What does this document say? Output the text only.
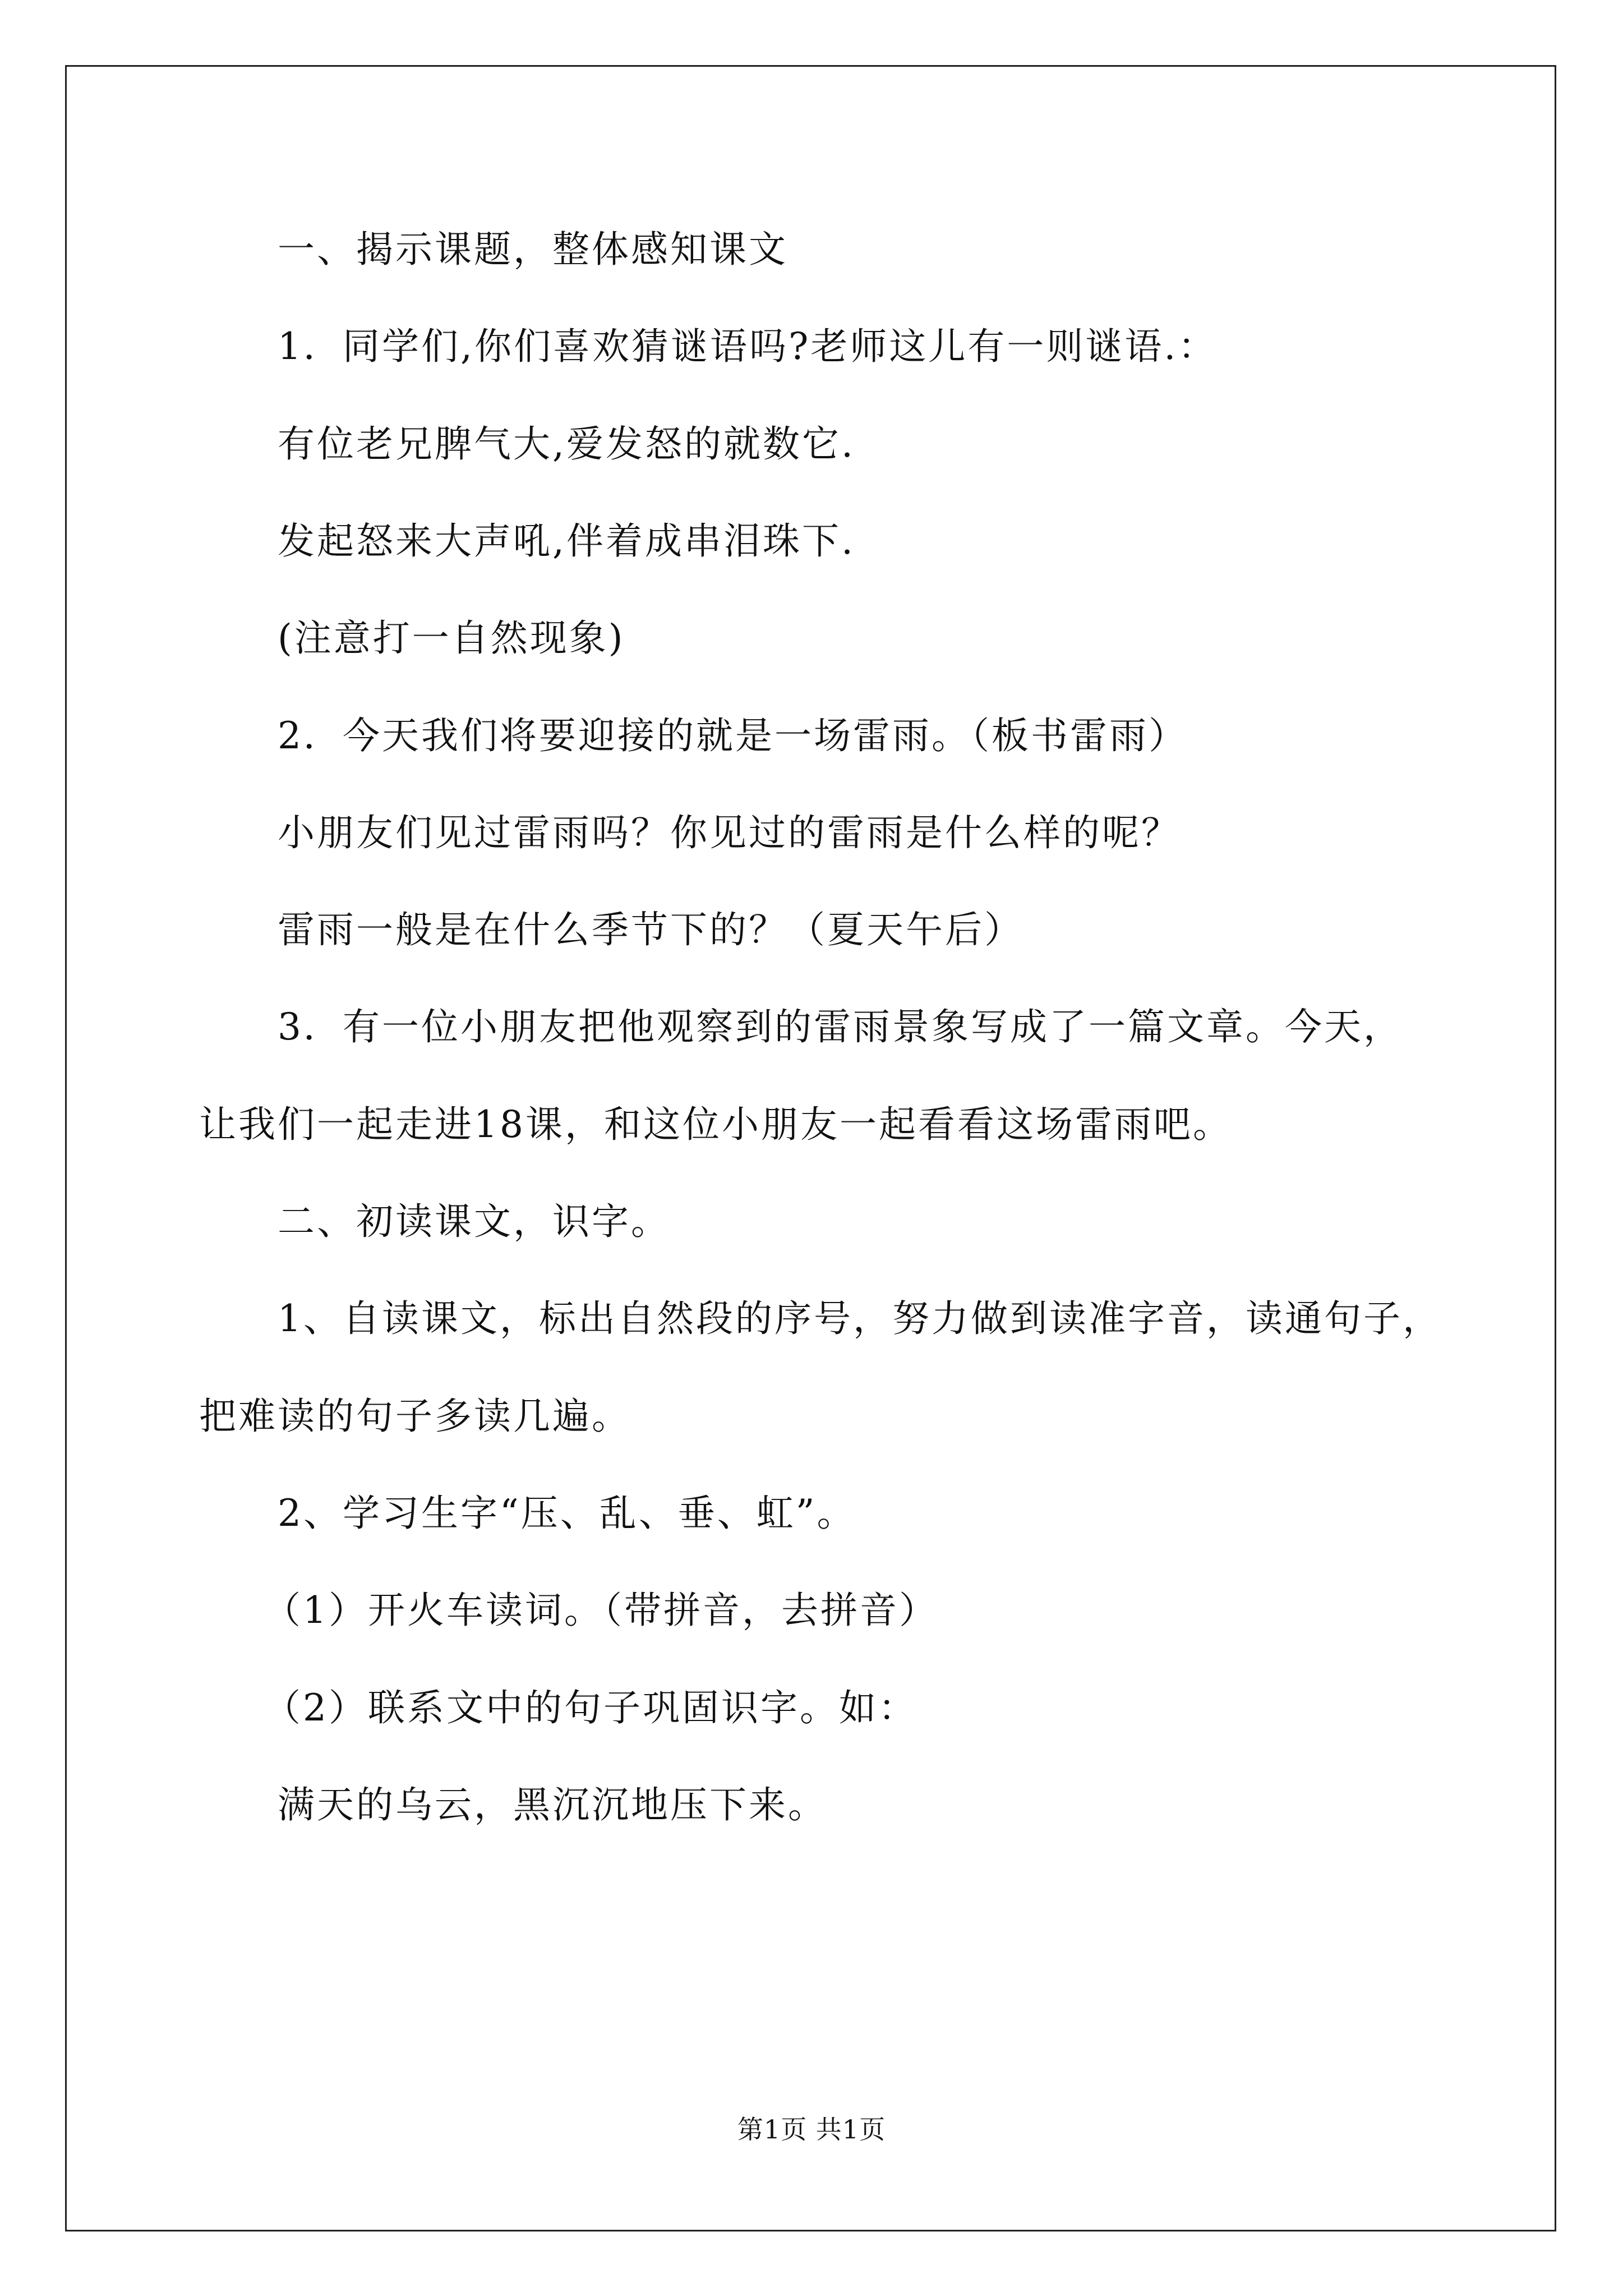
一、揭示课题，整体感知课文
1．同学们,你们喜欢猜谜语吗?老师这儿有一则谜语.：
有位老兄脾气大,爱发怒的就数它.
发起怒来大声吼,伴着成串泪珠下.
(注意打一自然现象)
2．今天我们将要迎接的就是一场雷雨。（板书雷雨）
小朋友们见过雷雨吗？你见过的雷雨是什么样的呢？
雷雨一般是在什么季节下的？（夏天午后）
3．有一位小朋友把他观察到的雷雨景象写成了一篇文章。今天，
让我们一起走进18课，和这位小朋友一起看看这场雷雨吧。
二、初读课文，识字。
1、自读课文，标出自然段的序号，努力做到读准字音，读通句子，
把难读的句子多读几遍。
2、学习生字“压、乱、垂、虹”。
（1）开火车读词。（带拼音，去拼音）
（2）联系文中的句子巩固识字。如：
满天的乌云，黑沉沉地压下来。
第1页 共1页
